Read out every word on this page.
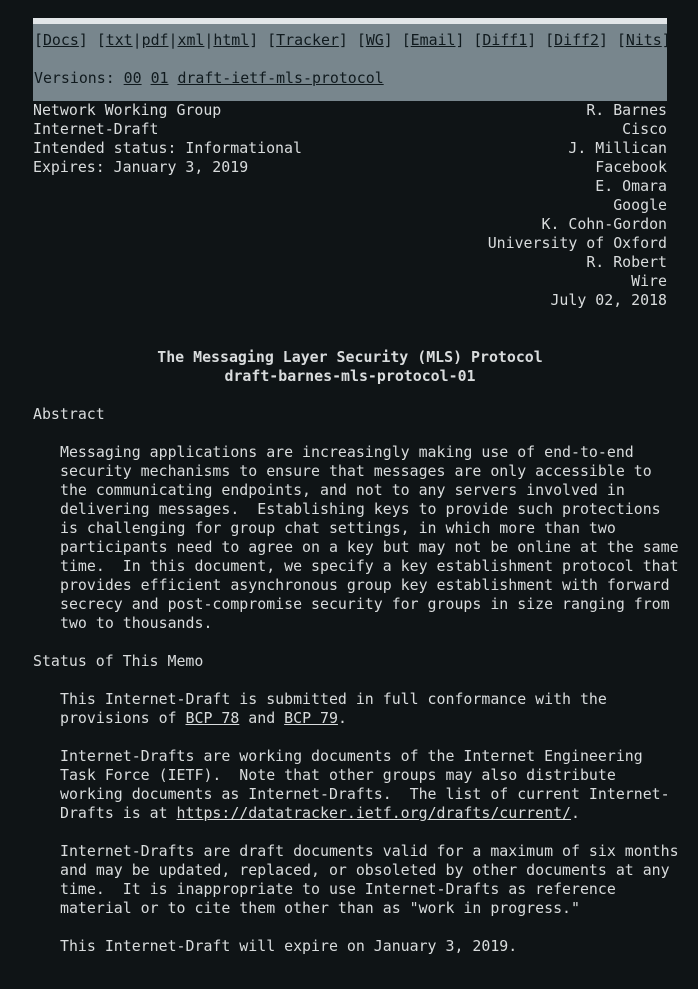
[Docs] [txt|pdf|xml|html] [Tracker] [WG] [Email] [Diff1] [Diff2] [Nits]
Versions: 00 01 draft-ietf-mls-protocol
Network Working Group
Internet-Draft
Intended status: Informational
Expires: January 3, 2019
R. Barnes
Cisco
J. Millican
Facebook
E. Omara
Google
K. Cohn-Gordon
University of Oxford
R. Robert
Wire
July 02, 2018
The Messaging Layer Security (MLS) Protocol
draft-barnes-mls-protocol-01
Abstract
Messaging applications are increasingly making use of end-to-end
security mechanisms to ensure that messages are only accessible to
the communicating endpoints, and not to any servers involved in
delivering messages.  Establishing keys to provide such protections
is challenging for group chat settings, in which more than two
participants need to agree on a key but may not be online at the same
time.  In this document, we specify a key establishment protocol that
provides efficient asynchronous group key establishment with forward
secrecy and post-compromise security for groups in size ranging from
two to thousands.
Status of This Memo
This Internet-Draft is submitted in full conformance with the
provisions of BCP 78 and BCP 79.
Internet-Drafts are working documents of the Internet Engineering
Task Force (IETF).  Note that other groups may also distribute
working documents as Internet-Drafts.  The list of current Internet-
Drafts is at https://datatracker.ietf.org/drafts/current/.
Internet-Drafts are draft documents valid for a maximum of six months
and may be updated, replaced, or obsoleted by other documents at any
time.  It is inappropriate to use Internet-Drafts as reference
material or to cite them other than as "work in progress."
This Internet-Draft will expire on January 3, 2019.
